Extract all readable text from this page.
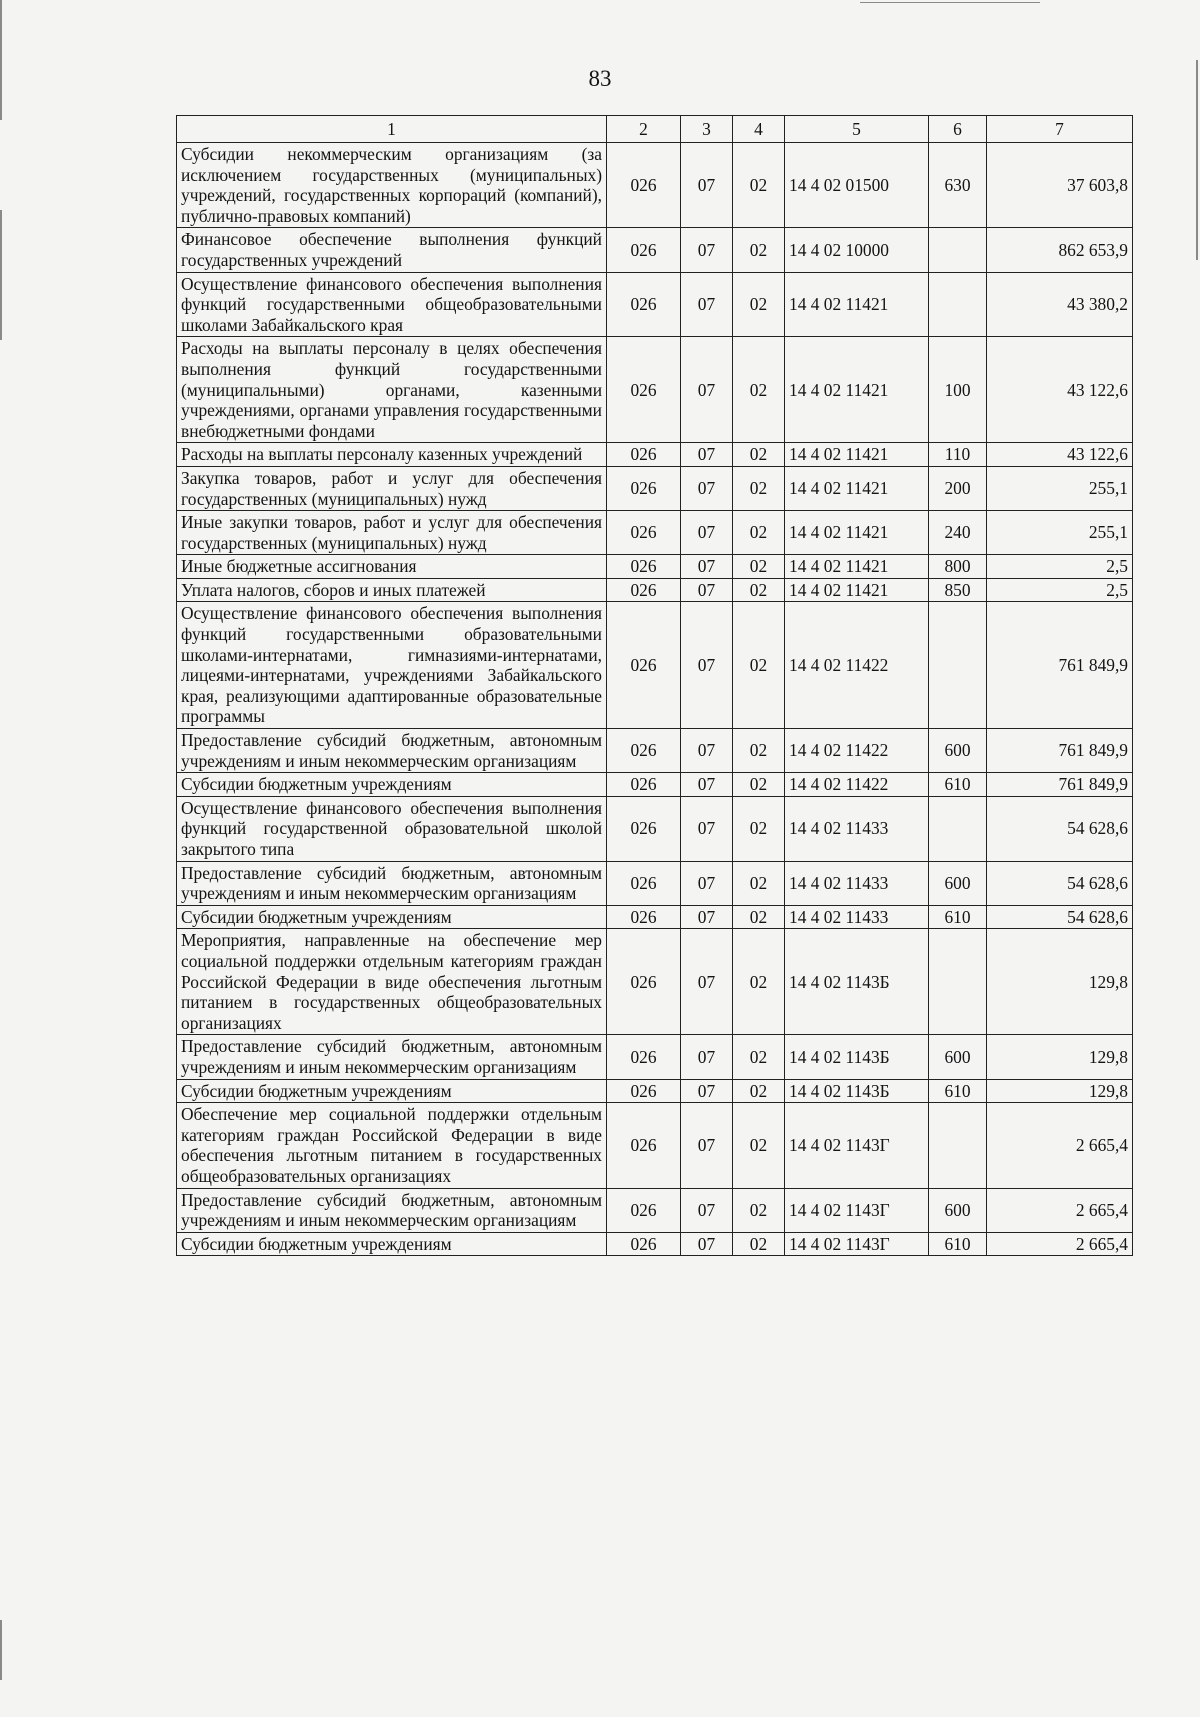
83
1	2	3	4	5	6	7
Субсидии некоммерческим организациям (за исключением государственных (муниципальных) учреждений, государственных корпораций (компаний), публично-правовых компаний)	026	07	02	14 4 02 01500	630	37 603,8
Финансовое обеспечение выполнения функций государственных учреждений	026	07	02	14 4 02 10000		862 653,9
Осуществление финансового обеспечения выполнения функций государственными общеобразовательными школами Забайкальского края	026	07	02	14 4 02 11421		43 380,2
Расходы на выплаты персоналу в целях обеспечения выполнения функций государственными (муниципальными) органами, казенными учреждениями, органами управления государственными внебюджетными фондами	026	07	02	14 4 02 11421	100	43 122,6
Расходы на выплаты персоналу казенных учреждений	026	07	02	14 4 02 11421	110	43 122,6
Закупка товаров, работ и услуг для обеспечения государственных (муниципальных) нужд	026	07	02	14 4 02 11421	200	255,1
Иные закупки товаров, работ и услуг для обеспечения государственных (муниципальных) нужд	026	07	02	14 4 02 11421	240	255,1
Иные бюджетные ассигнования	026	07	02	14 4 02 11421	800	2,5
Уплата налогов, сборов и иных платежей	026	07	02	14 4 02 11421	850	2,5
Осуществление финансового обеспечения выполнения функций государственными образовательными школами-интернатами, гимназиями-интернатами, лицеями-интернатами, учреждениями Забайкальского края, реализующими адаптированные образовательные программы	026	07	02	14 4 02 11422		761 849,9
Предоставление субсидий бюджетным, автономным учреждениям и иным некоммерческим организациям	026	07	02	14 4 02 11422	600	761 849,9
Субсидии бюджетным учреждениям	026	07	02	14 4 02 11422	610	761 849,9
Осуществление финансового обеспечения выполнения функций государственной образовательной школой закрытого типа	026	07	02	14 4 02 11433		54 628,6
Предоставление субсидий бюджетным, автономным учреждениям и иным некоммерческим организациям	026	07	02	14 4 02 11433	600	54 628,6
Субсидии бюджетным учреждениям	026	07	02	14 4 02 11433	610	54 628,6
Мероприятия, направленные на обеспечение мер социальной поддержки отдельным категориям граждан Российской Федерации в виде обеспечения льготным питанием в государственных общеобразовательных организациях	026	07	02	14 4 02 1143Б		129,8
Предоставление субсидий бюджетным, автономным учреждениям и иным некоммерческим организациям	026	07	02	14 4 02 1143Б	600	129,8
Субсидии бюджетным учреждениям	026	07	02	14 4 02 1143Б	610	129,8
Обеспечение мер социальной поддержки отдельным категориям граждан Российской Федерации в виде обеспечения льготным питанием в государственных общеобразовательных организациях	026	07	02	14 4 02 1143Г		2 665,4
Предоставление субсидий бюджетным, автономным учреждениям и иным некоммерческим организациям	026	07	02	14 4 02 1143Г	600	2 665,4
Субсидии бюджетным учреждениям	026	07	02	14 4 02 1143Г	610	2 665,4
